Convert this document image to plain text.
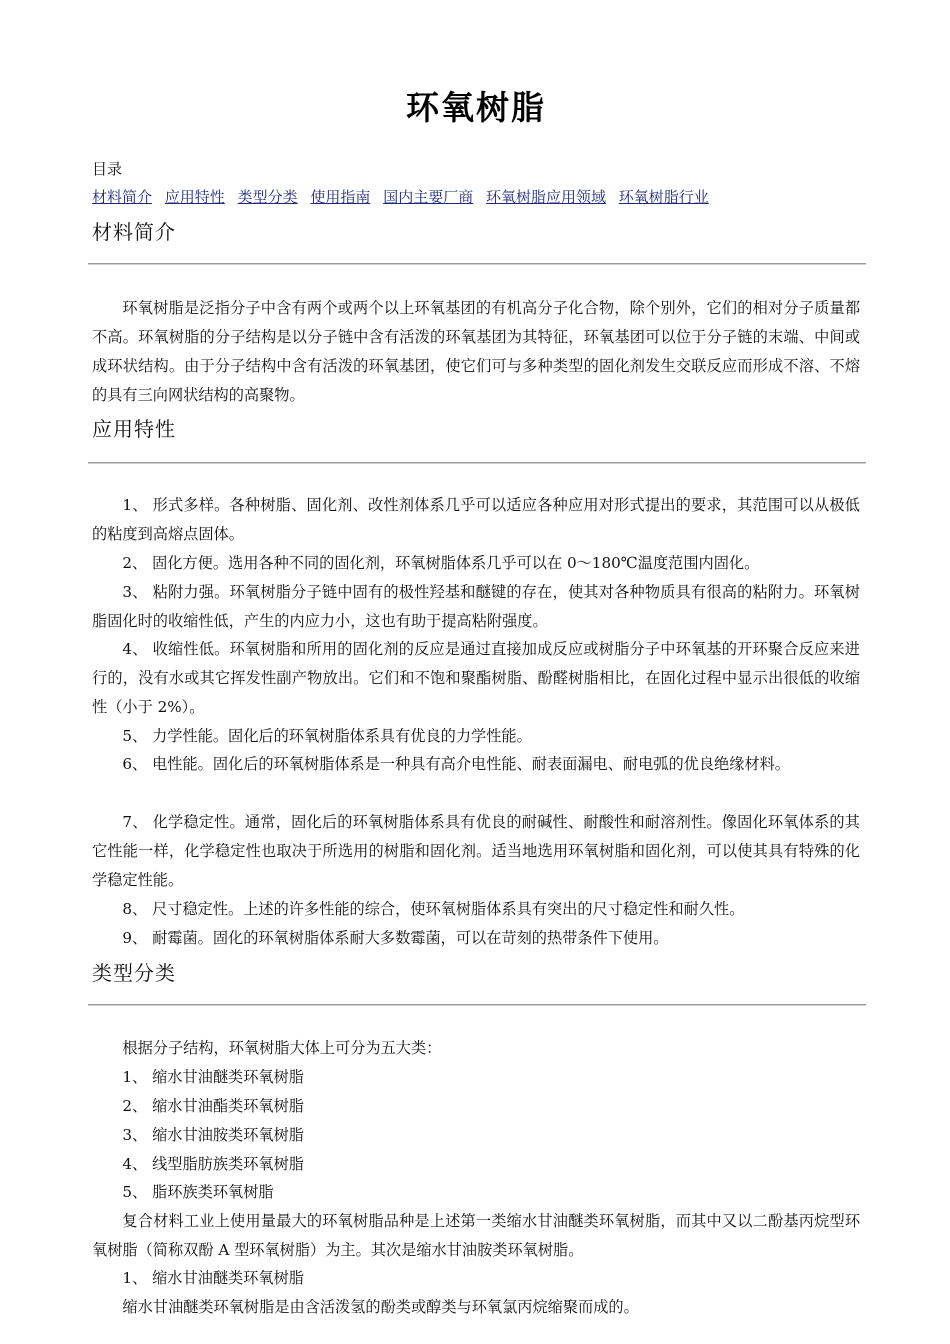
环氧树脂
目录
材料简介 应用特性 类型分类 使用指南 国内主要厂商 环氧树脂应用领域 环氧树脂行业
材料简介

环氧树脂是泛指分子中含有两个或两个以上环氧基团的有机高分子化合物，除个别外，它们的相对分子质量都不高。环氧树脂的分子结构是以分子链中含有活泼的环氧基团为其特征，环氧基团可以位于分子链的末端、中间或成环状结构。由于分子结构中含有活泼的环氧基团，使它们可与多种类型的固化剂发生交联反应而形成不溶、不熔的具有三向网状结构的高聚物。

应用特性

1、 形式多样。各种树脂、固化剂、改性剂体系几乎可以适应各种应用对形式提出的要求，其范围可以从极低的粘度到高熔点固体。

2、 固化方便。选用各种不同的固化剂，环氧树脂体系几乎可以在 0～180℃温度范围内固化。

3、 粘附力强。环氧树脂分子链中固有的极性羟基和醚键的存在，使其对各种物质具有很高的粘附力。环氧树脂固化时的收缩性低，产生的内应力小，这也有助于提高粘附强度。

4、 收缩性低。环氧树脂和所用的固化剂的反应是通过直接加成反应或树脂分子中环氧基的开环聚合反应来进行的，没有水或其它挥发性副产物放出。它们和不饱和聚酯树脂、酚醛树脂相比，在固化过程中显示出很低的收缩性（小于 2%）。

5、 力学性能。固化后的环氧树脂体系具有优良的力学性能。

6、 电性能。固化后的环氧树脂体系是一种具有高介电性能、耐表面漏电、耐电弧的优良绝缘材料。

7、 化学稳定性。通常，固化后的环氧树脂体系具有优良的耐碱性、耐酸性和耐溶剂性。像固化环氧体系的其它性能一样，化学稳定性也取决于所选用的树脂和固化剂。适当地选用环氧树脂和固化剂，可以使其具有特殊的化学稳定性能。

8、 尺寸稳定性。上述的许多性能的综合，使环氧树脂体系具有突出的尺寸稳定性和耐久性。

9、 耐霉菌。固化的环氧树脂体系耐大多数霉菌，可以在苛刻的热带条件下使用。

类型分类

根据分子结构，环氧树脂大体上可分为五大类：

1、 缩水甘油醚类环氧树脂

2、 缩水甘油酯类环氧树脂

3、 缩水甘油胺类环氧树脂

4、 线型脂肪族类环氧树脂

5、 脂环族类环氧树脂

复合材料工业上使用量最大的环氧树脂品种是上述第一类缩水甘油醚类环氧树脂，而其中又以二酚基丙烷型环氧树脂（简称双酚 A 型环氧树脂）为主。其次是缩水甘油胺类环氧树脂。

1、 缩水甘油醚类环氧树脂

缩水甘油醚类环氧树脂是由含活泼氢的酚类或醇类与环氧氯丙烷缩聚而成的。
